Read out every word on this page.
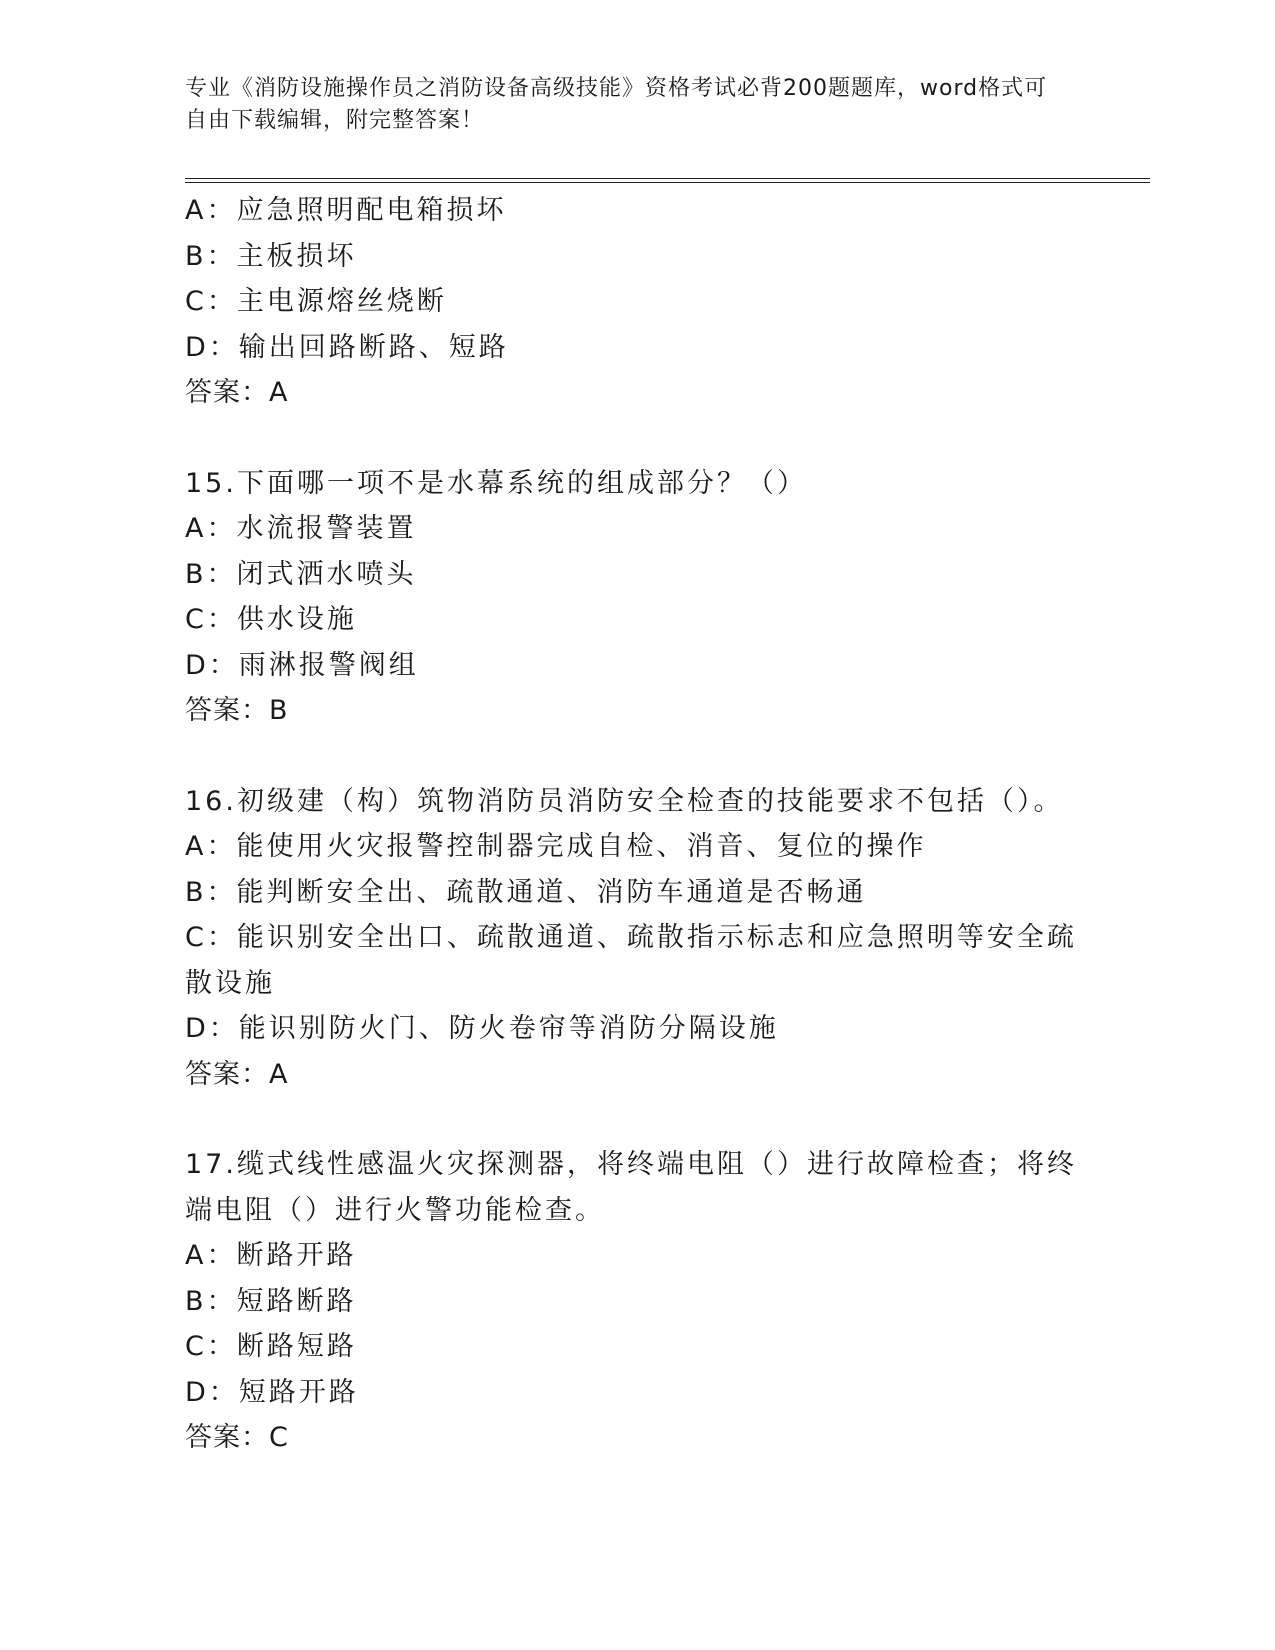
专业《消防设施操作员之消防设备高级技能》资格考试必背200题题库，word格式可自由下载编辑，附完整答案！
A：应急照明配电箱损坏
B：主板损坏
C：主电源熔丝烧断
D：输出回路断路、短路
答案：A
15.下面哪一项不是水幕系统的组成部分？（）
A：水流报警装置
B：闭式洒水喷头
C：供水设施
D：雨淋报警阀组
答案：B
16.初级建（构）筑物消防员消防安全检查的技能要求不包括（）。
A：能使用火灾报警控制器完成自检、消音、复位的操作
B：能判断安全出、疏散通道、消防车通道是否畅通
C：能识别安全出口、疏散通道、疏散指示标志和应急照明等安全疏散设施
D：能识别防火门、防火卷帘等消防分隔设施
答案：A
17.缆式线性感温火灾探测器，将终端电阻（）进行故障检查；将终端电阻（）进行火警功能检查。
A：断路开路
B：短路断路
C：断路短路
D：短路开路
答案：C
